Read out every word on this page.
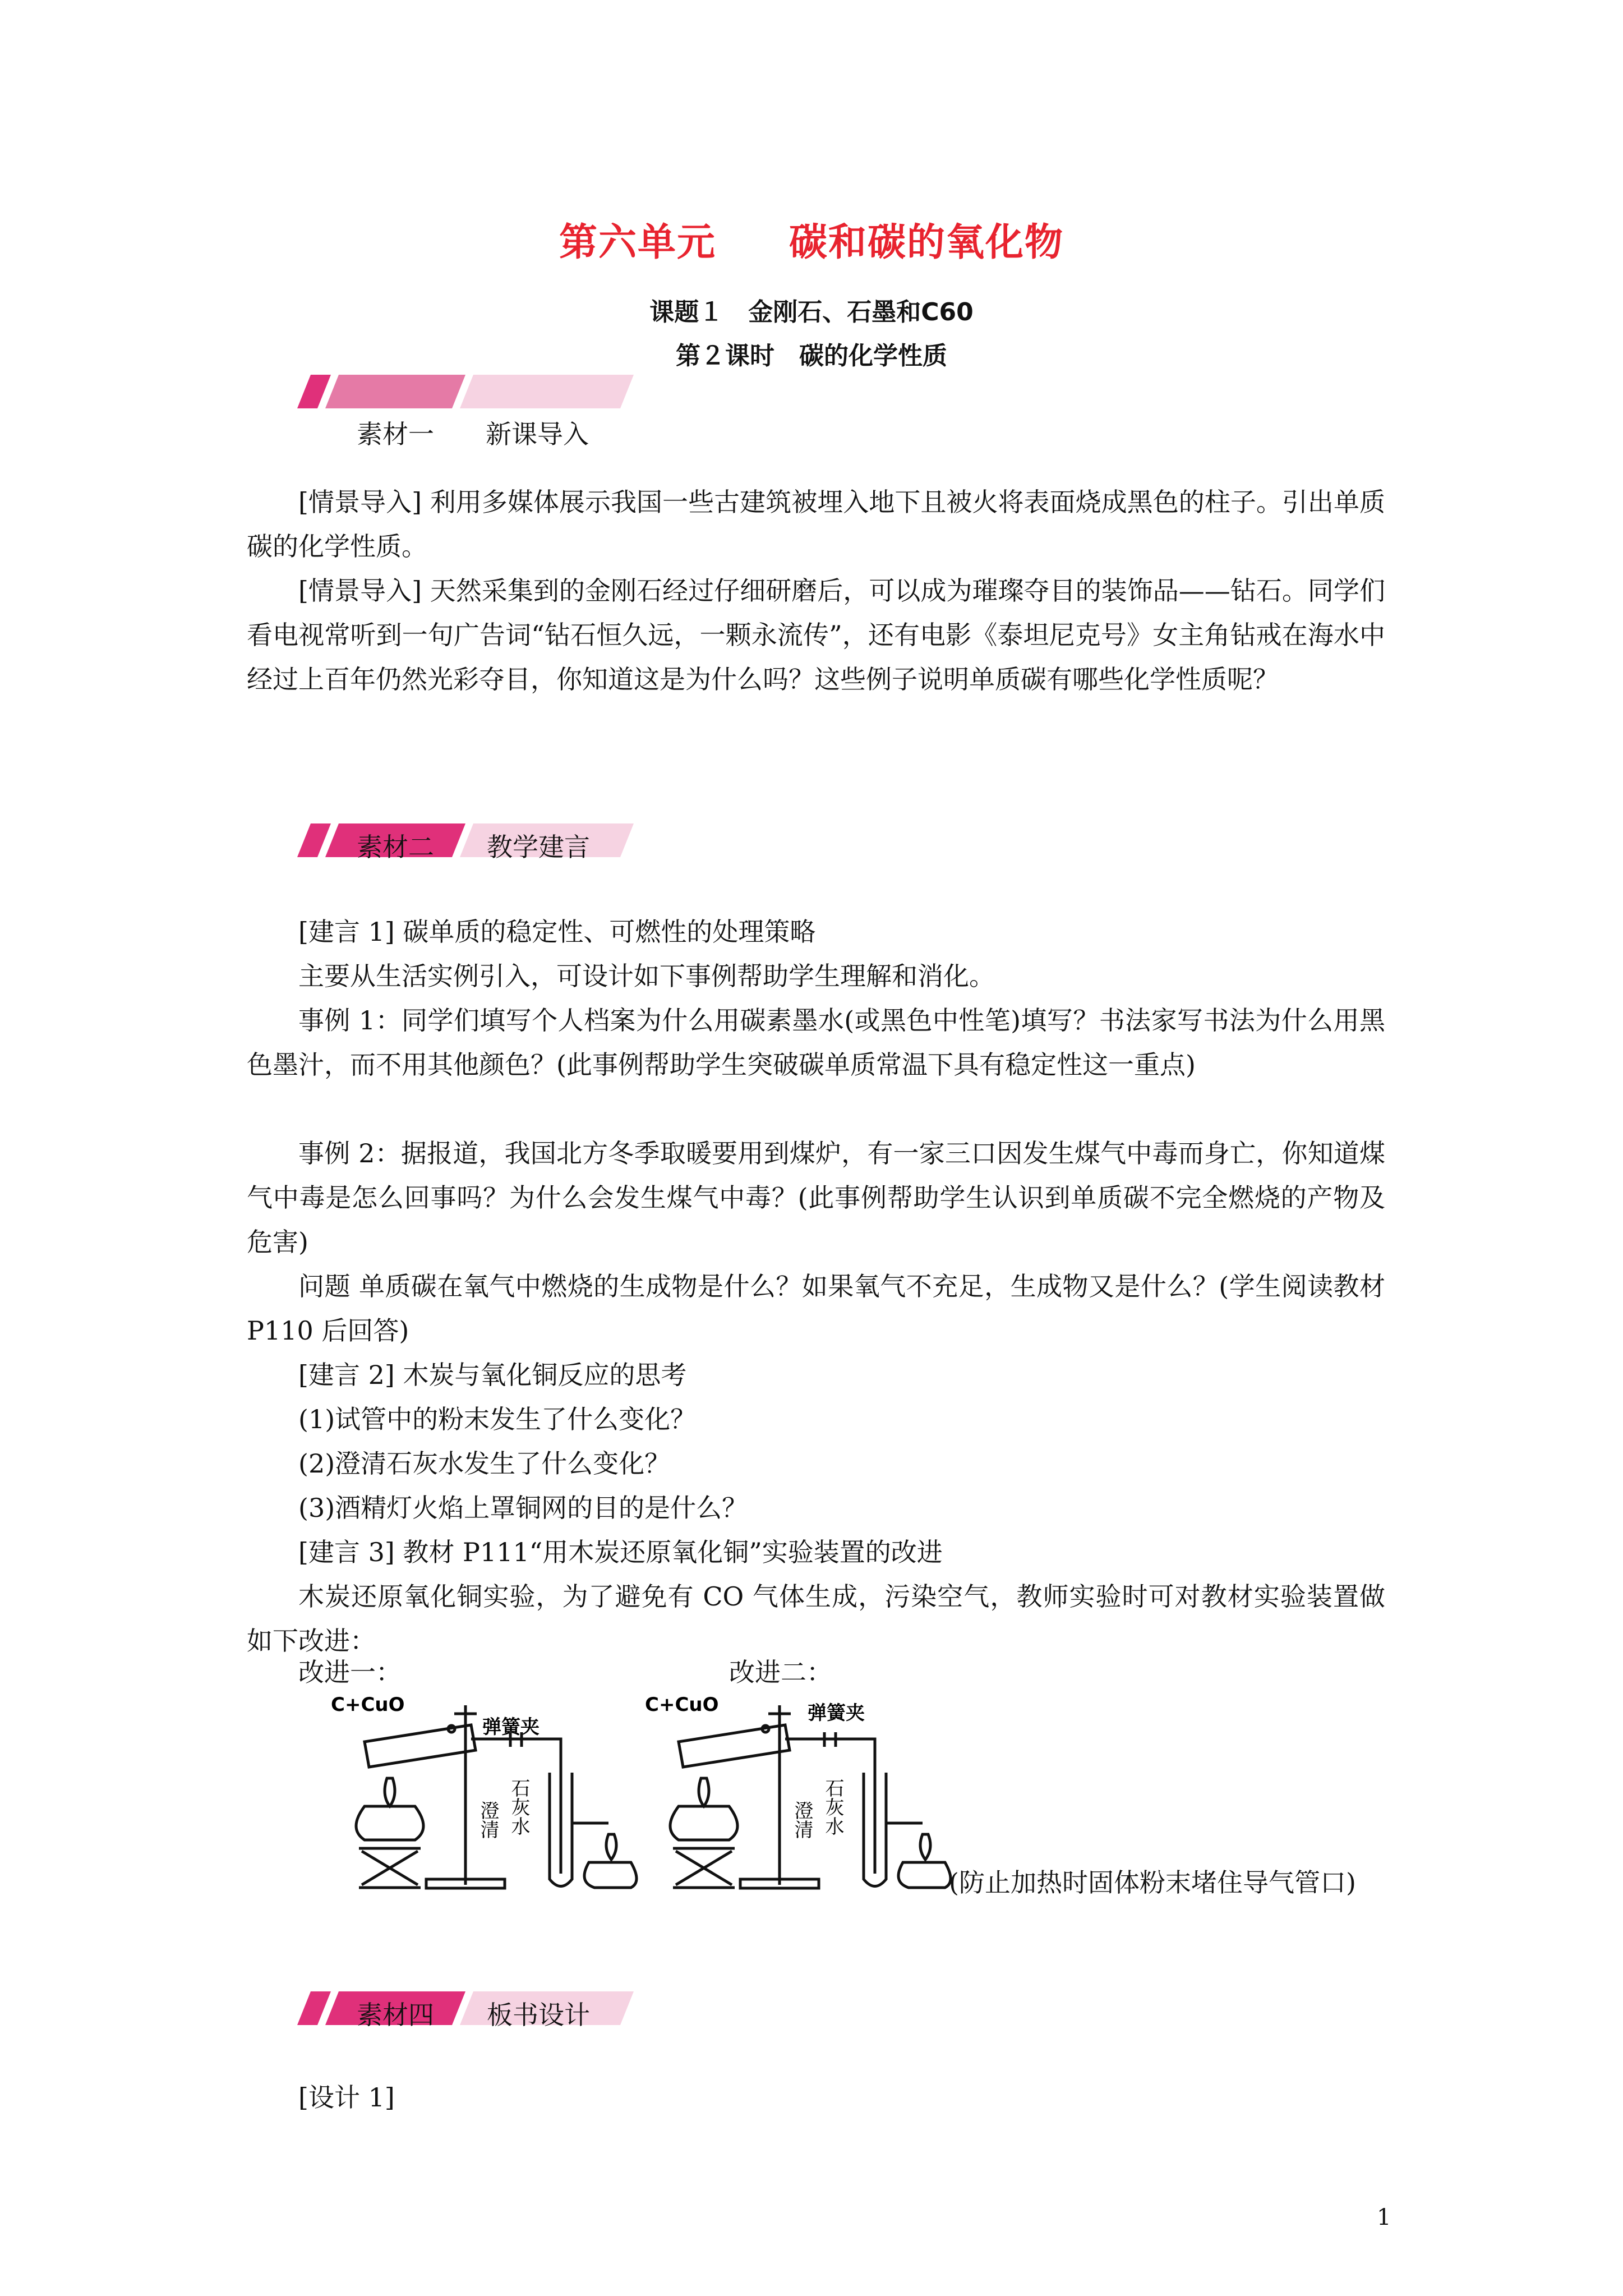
第六单元 碳和碳的氧化物
课题１　金刚石、石墨和C60
第２课时　碳的化学性质
素材一　　新课导入
[情景导入] 利用多媒体展示我国一些古建筑被埋入地下且被火将表面烧成黑色的柱子。引出单质碳的化学性质。
[情景导入] 天然采集到的金刚石经过仔细研磨后，可以成为璀璨夺目的装饰品——钻石。同学们看电视常听到一句广告词“钻石恒久远，一颗永流传”，还有电影《泰坦尼克号》女主角钻戒在海水中经过上百年仍然光彩夺目，你知道这是为什么吗？这些例子说明单质碳有哪些化学性质呢？
素材二 教学建言
[建言 1] 碳单质的稳定性、可燃性的处理策略
主要从生活实例引入，可设计如下事例帮助学生理解和消化。
事例 1：同学们填写个人档案为什么用碳素墨水(或黑色中性笔)填写？书法家写书法为什么用黑色墨汁，而不用其他颜色？(此事例帮助学生突破碳单质常温下具有稳定性这一重点)
事例 2：据报道，我国北方冬季取暖要用到煤炉，有一家三口因发生煤气中毒而身亡，你知道煤气中毒是怎么回事吗？为什么会发生煤气中毒？(此事例帮助学生认识到单质碳不完全燃烧的产物及危害)
问题 单质碳在氧气中燃烧的生成物是什么？如果氧气不充足，生成物又是什么？(学生阅读教材 P110 后回答)
[建言 2] 木炭与氧化铜反应的思考
(1)试管中的粉末发生了什么变化？
(2)澄清石灰水发生了什么变化？
(3)酒精灯火焰上罩铜网的目的是什么？
[建言 3] 教材 P111“用木炭还原氧化铜”实验装置的改进
木炭还原氧化铜实验，为了避免有 CO 气体生成，污染空气，教师实验时可对教材实验装置做如下改进：
改进一：	改进二：
C+CuO
弹簧夹
澄清 石灰水
C+CuO	弹簧夹
澄清 石灰水
(防止加热时固体粉末堵住导气管口)
素材四 板书设计
[设计 1]
1
